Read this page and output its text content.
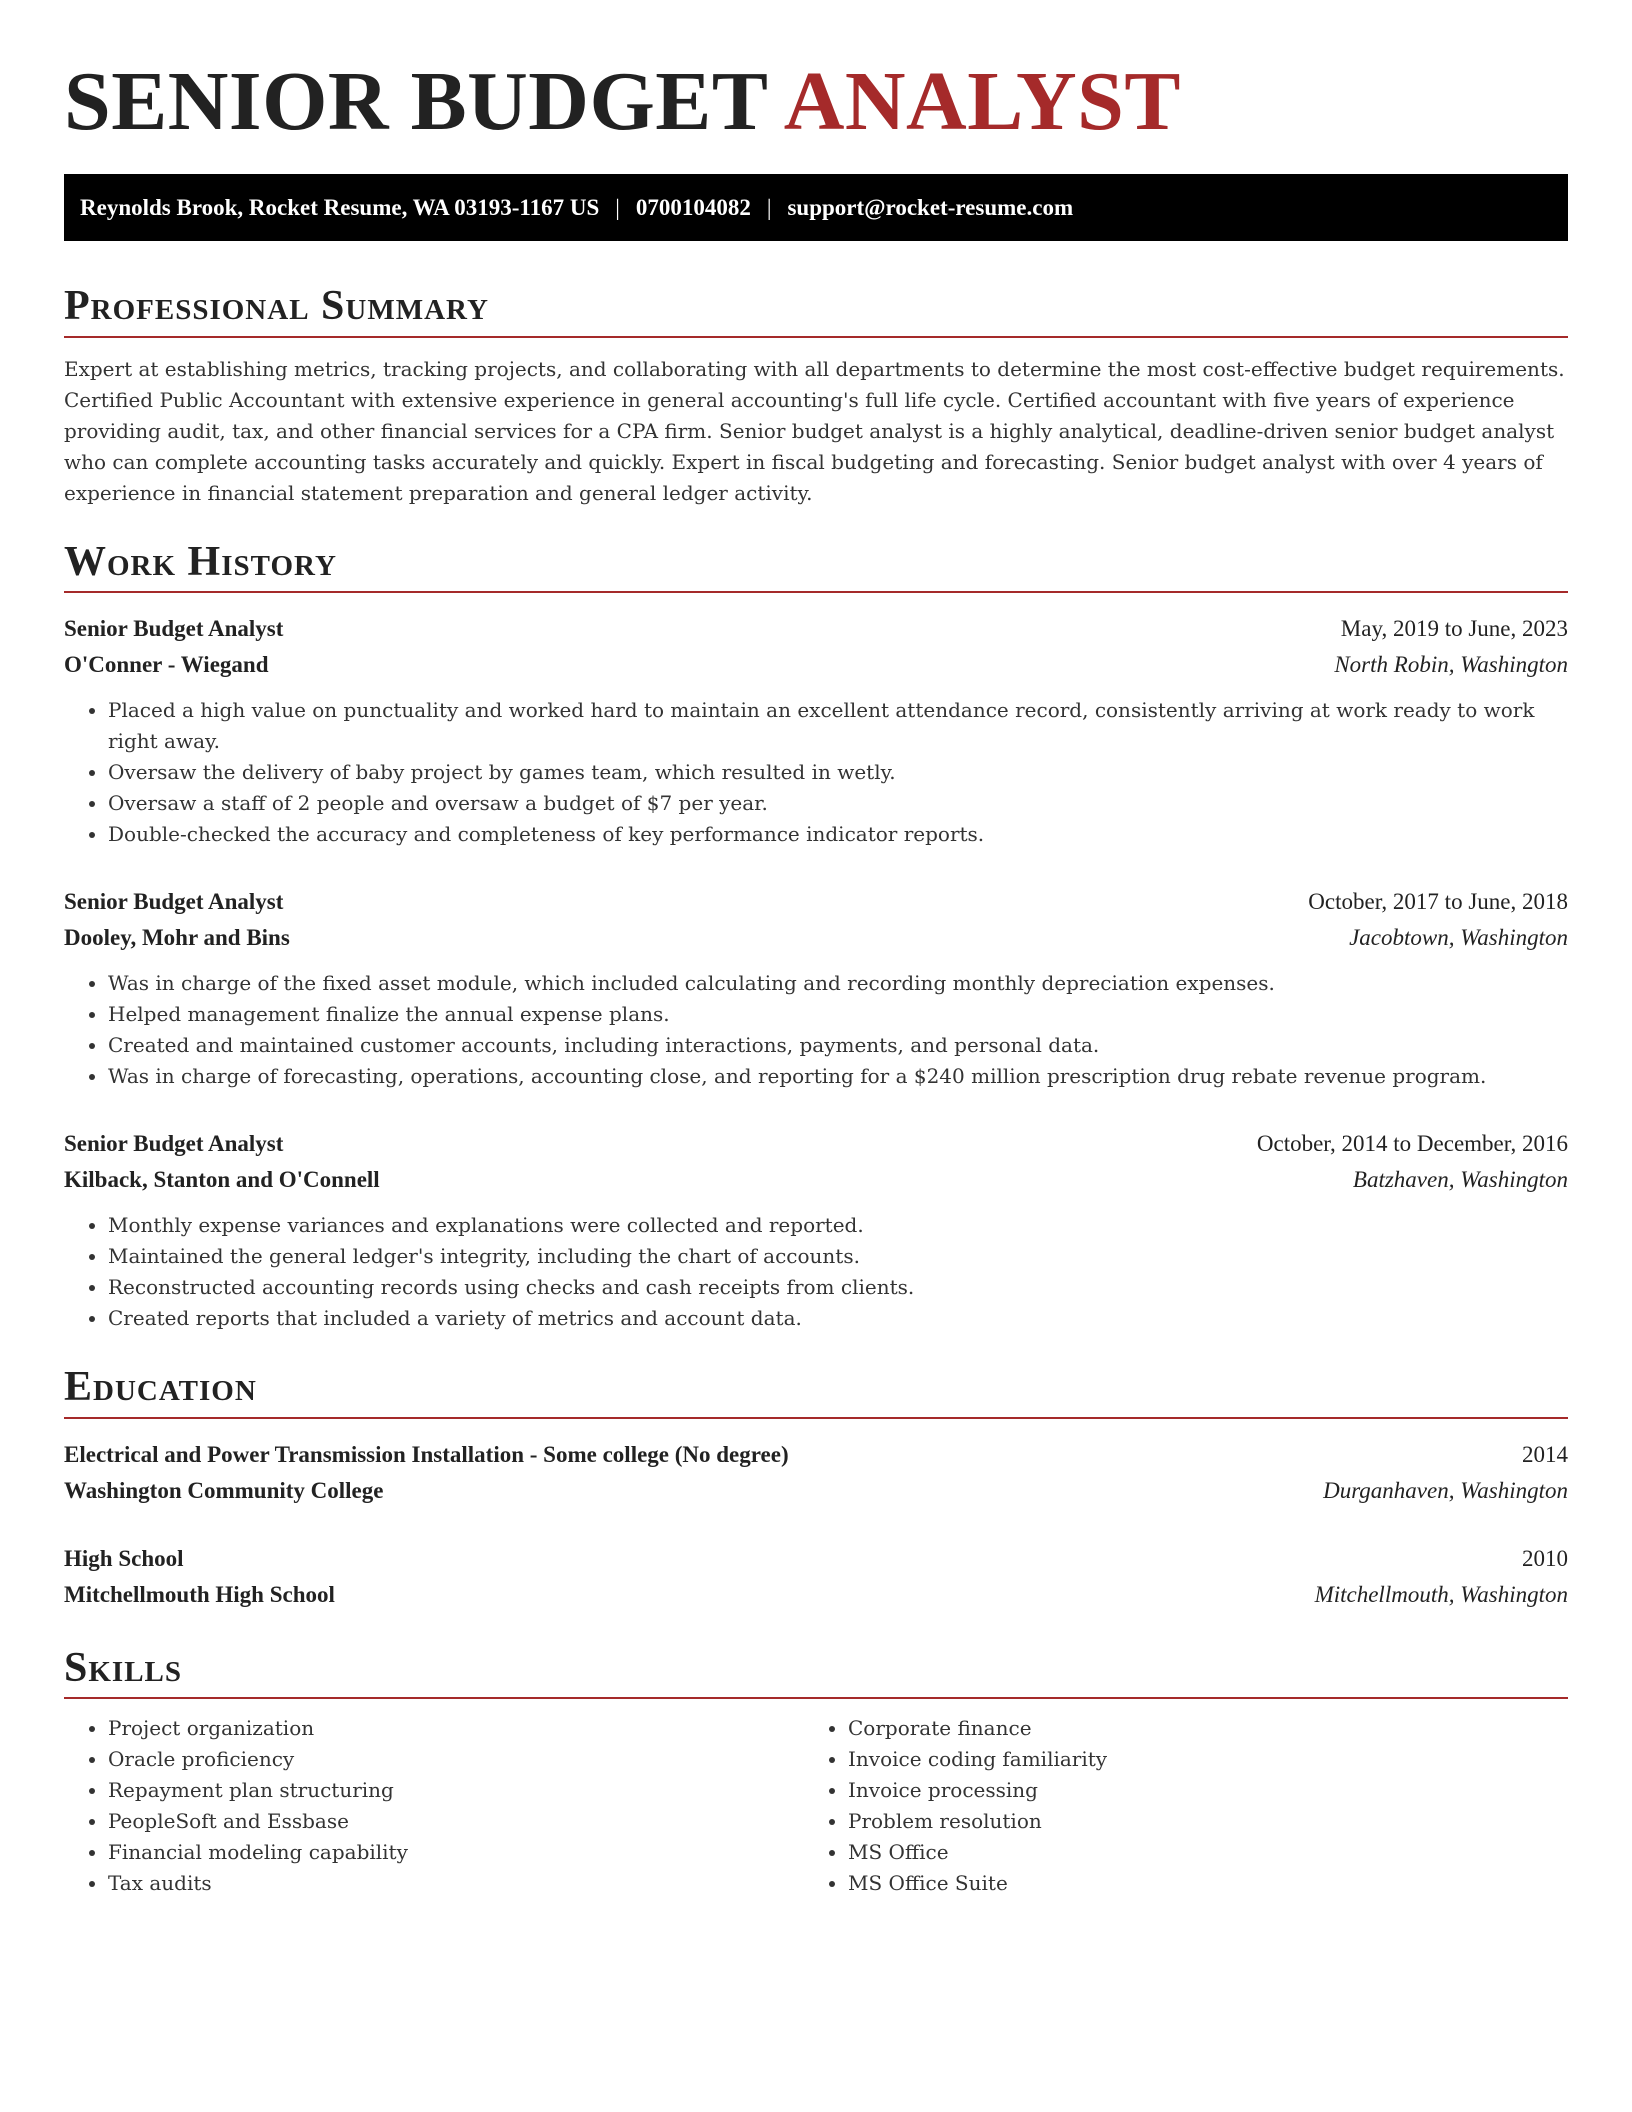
SENIOR BUDGET ANALYST
Reynolds Brook, Rocket Resume, WA 03193-1167 US | 0700104082 | support@rocket-resume.com
Professional Summary

Expert at establishing metrics, tracking projects, and collaborating with all departments to determine the most cost-effective budget requirements. Certified Public Accountant with extensive experience in general accounting's full life cycle. Certified accountant with five years of experience providing audit, tax, and other financial services for a CPA firm. Senior budget analyst is a highly analytical, deadline-driven senior budget analyst who can complete accounting tasks accurately and quickly. Expert in fiscal budgeting and forecasting. Senior budget analyst with over 4 years of experience in financial statement preparation and general ledger activity.

Work History
Senior Budget Analyst	May, 2019 to June, 2023
O'Conner - Wiegand	North Robin, Washington
• Placed a high value on punctuality and worked hard to maintain an excellent attendance record, consistently arriving at work ready to work right away.
• Oversaw the delivery of baby project by games team, which resulted in wetly.
• Oversaw a staff of 2 people and oversaw a budget of $7 per year.
• Double-checked the accuracy and completeness of key performance indicator reports.
Senior Budget Analyst	October, 2017 to June, 2018
Dooley, Mohr and Bins	Jacobtown, Washington
• Was in charge of the fixed asset module, which included calculating and recording monthly depreciation expenses.
• Helped management finalize the annual expense plans.
• Created and maintained customer accounts, including interactions, payments, and personal data.
• Was in charge of forecasting, operations, accounting close, and reporting for a $240 million prescription drug rebate revenue program.
Senior Budget Analyst	October, 2014 to December, 2016
Kilback, Stanton and O'Connell	Batzhaven, Washington
• Monthly expense variances and explanations were collected and reported.
• Maintained the general ledger's integrity, including the chart of accounts.
• Reconstructed accounting records using checks and cash receipts from clients.
• Created reports that included a variety of metrics and account data.
Education
Electrical and Power Transmission Installation - Some college (No degree)	2014
Washington Community College	Durganhaven, Washington
High School	2010
Mitchellmouth High School	Mitchellmouth, Washington
Skills
• Project organization
• Oracle proficiency
• Repayment plan structuring
• PeopleSoft and Essbase
• Financial modeling capability
• Tax audits
• Corporate finance
• Invoice coding familiarity
• Invoice processing
• Problem resolution
• MS Office
• MS Office Suite
